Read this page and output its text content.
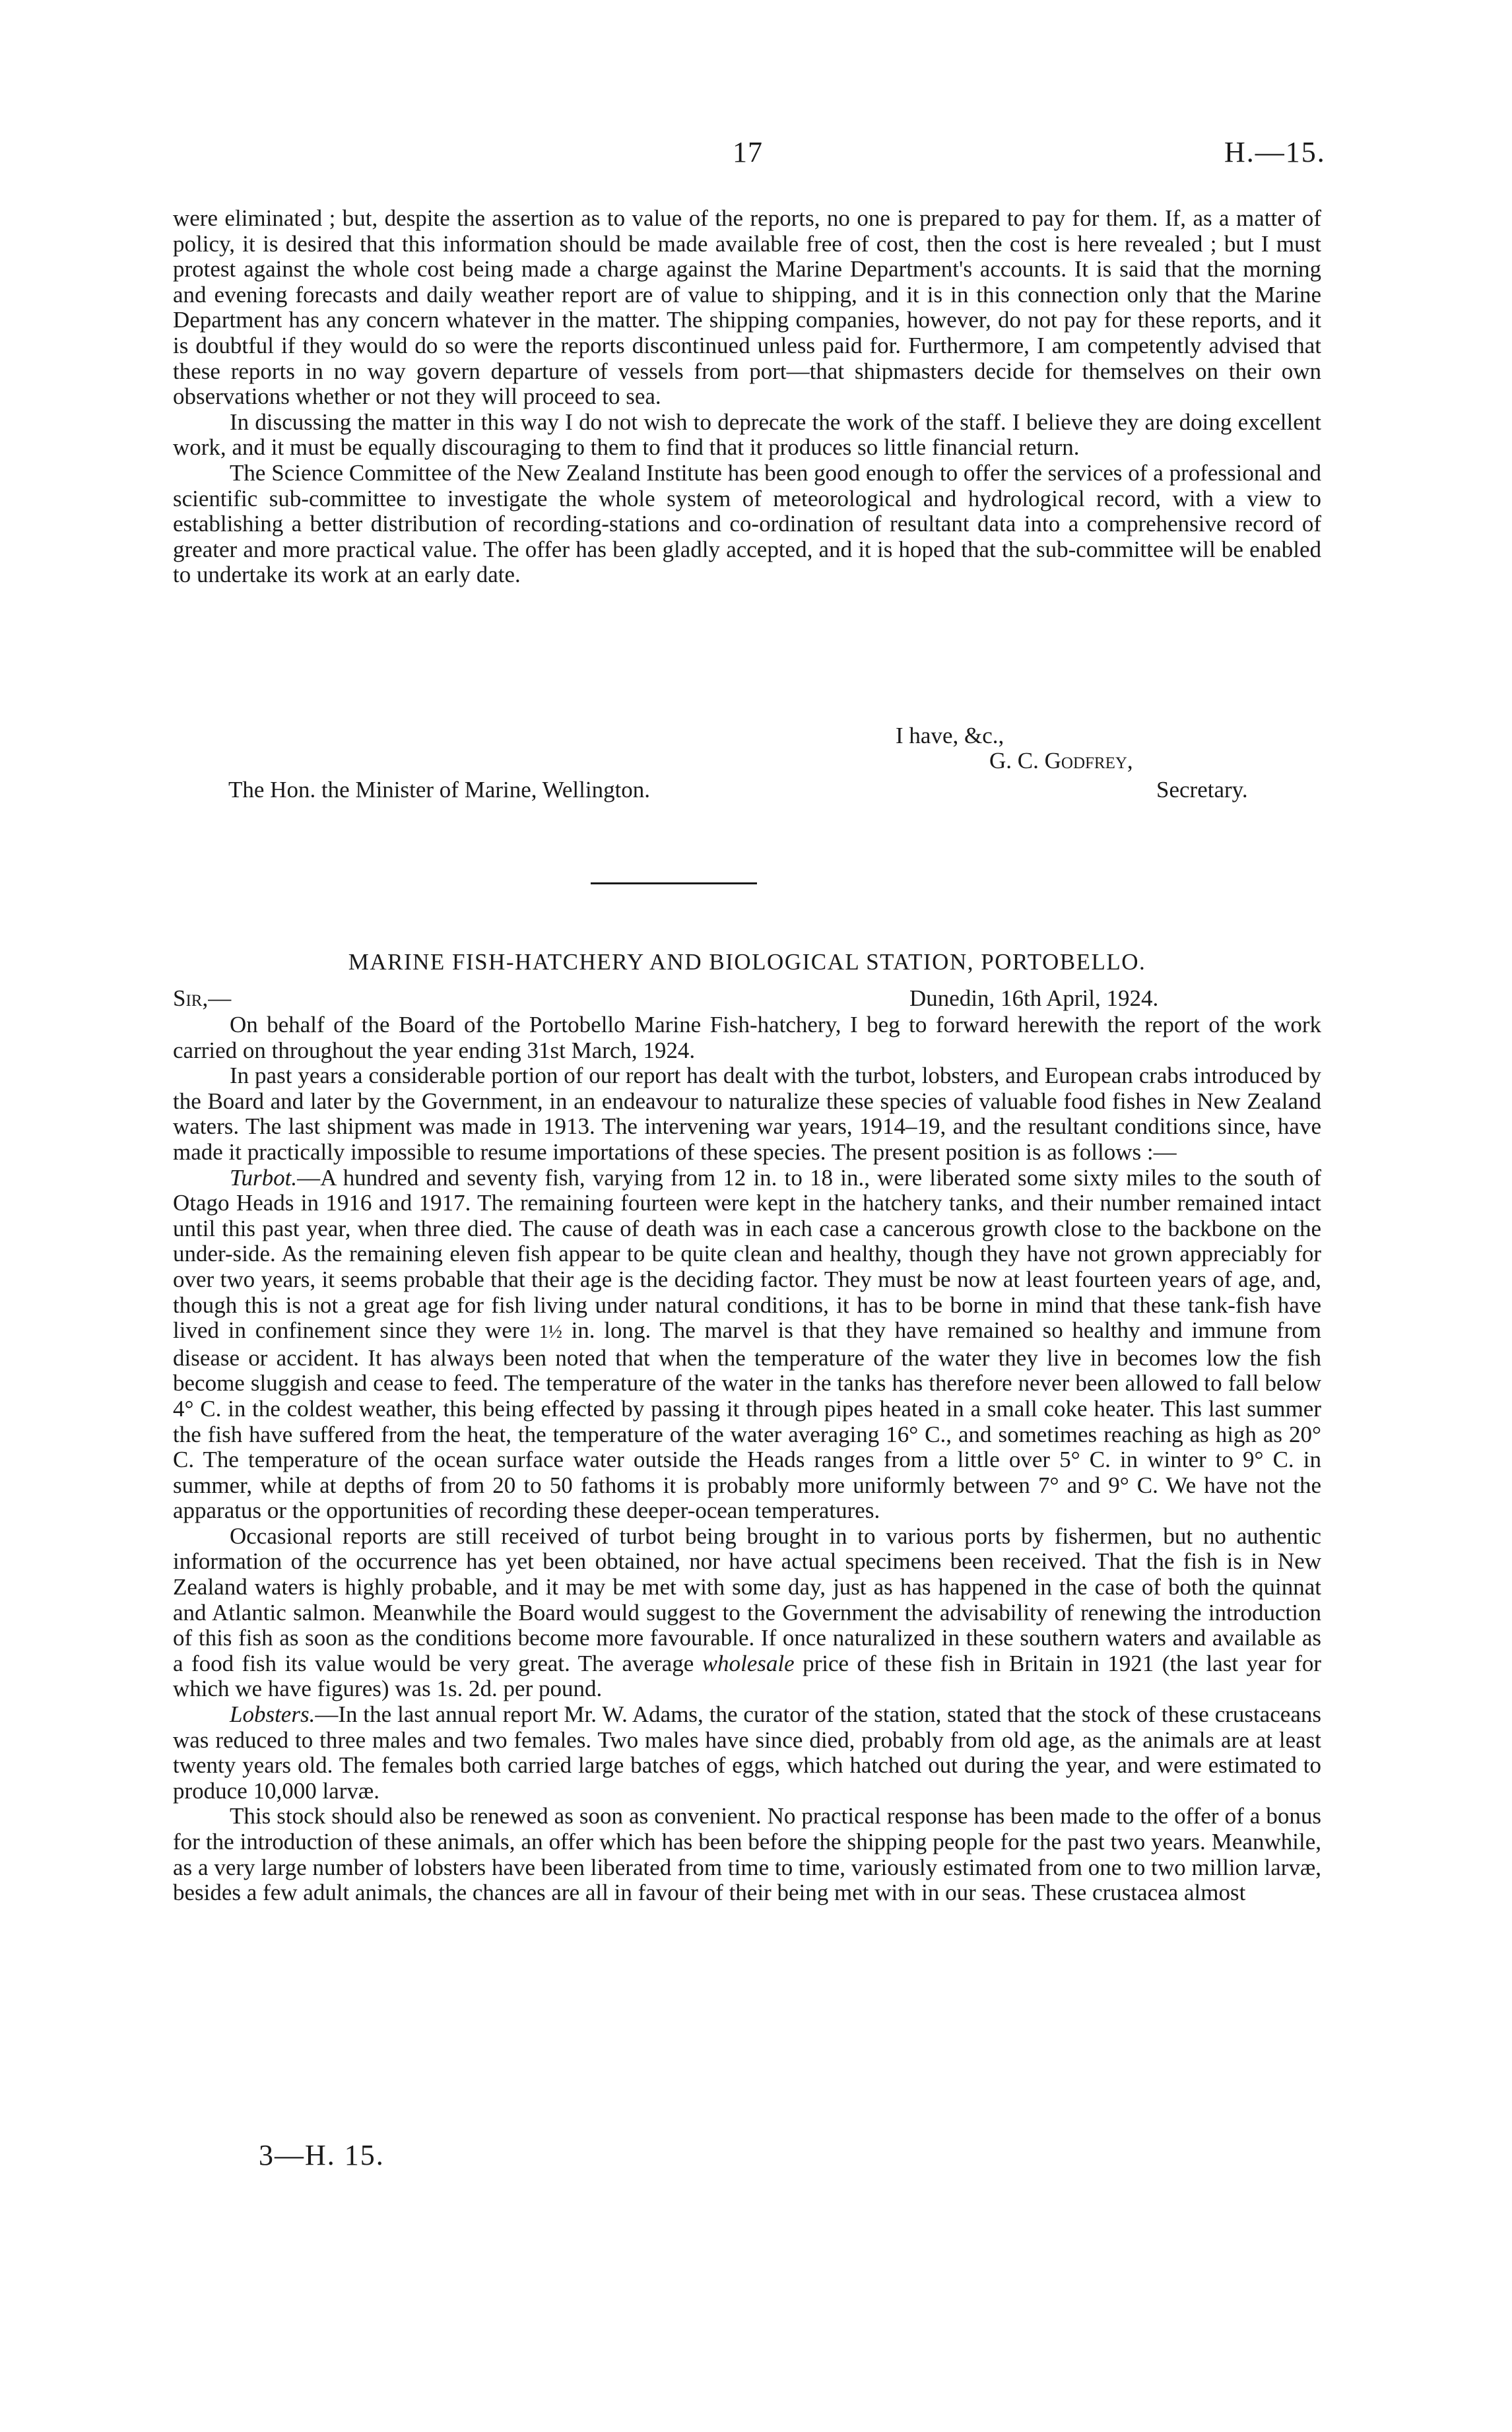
17	H.—15.

were eliminated ; but, despite the assertion as to value of the reports, no one is prepared to pay for them. If, as a matter of policy, it is desired that this information should be made available free of cost, then the cost is here revealed ; but I must protest against the whole cost being made a charge against the Marine Department's accounts. It is said that the morning and evening forecasts and daily weather report are of value to shipping, and it is in this connection only that the Marine Department has any concern whatever in the matter. The shipping companies, however, do not pay for these reports, and it is doubtful if they would do so were the reports discontinued unless paid for. Furthermore, I am competently advised that these reports in no way govern departure of vessels from port—that shipmasters decide for themselves on their own observations whether or not they will proceed to sea.

In discussing the matter in this way I do not wish to deprecate the work of the staff. I believe they are doing excellent work, and it must be equally discouraging to them to find that it produces so little financial return.

The Science Committee of the New Zealand Institute has been good enough to offer the services of a professional and scientific sub-committee to investigate the whole system of meteorological and hydrological record, with a view to establishing a better distribution of recording-stations and co-ordination of resultant data into a comprehensive record of greater and more practical value. The offer has been gladly accepted, and it is hoped that the sub-committee will be enabled to undertake its work at an early date.

I have, &c.,
G. C. Godfrey,
The Hon. the Minister of Marine, Wellington.	Secretary.
MARINE FISH-HATCHERY AND BIOLOGICAL STATION, PORTOBELLO.
Sir,—	Dunedin, 16th April, 1924.

On behalf of the Board of the Portobello Marine Fish-hatchery, I beg to forward herewith the report of the work carried on throughout the year ending 31st March, 1924.

In past years a considerable portion of our report has dealt with the turbot, lobsters, and European crabs introduced by the Board and later by the Government, in an endeavour to naturalize these species of valuable food fishes in New Zealand waters. The last shipment was made in 1913. The intervening war years, 1914–19, and the resultant conditions since, have made it practically impossible to resume importations of these species. The present position is as follows :—

Turbot.—A hundred and seventy fish, varying from 12 in. to 18 in., were liberated some sixty miles to the south of Otago Heads in 1916 and 1917. The remaining fourteen were kept in the hatchery tanks, and their number remained intact until this past year, when three died. The cause of death was in each case a cancerous growth close to the backbone on the under-side. As the remaining eleven fish appear to be quite clean and healthy, though they have not grown appreciably for over two years, it seems probable that their age is the deciding factor. They must be now at least fourteen years of age, and, though this is not a great age for fish living under natural conditions, it has to be borne in mind that these tank-fish have lived in confinement since they were 1½ in. long. The marvel is that they have remained so healthy and immune from disease or accident. It has always been noted that when the temperature of the water they live in becomes low the fish become sluggish and cease to feed. The temperature of the water in the tanks has therefore never been allowed to fall below 4° C. in the coldest weather, this being effected by passing it through pipes heated in a small coke heater. This last summer the fish have suffered from the heat, the temperature of the water averaging 16° C., and sometimes reaching as high as 20° C. The temperature of the ocean surface water outside the Heads ranges from a little over 5° C. in winter to 9° C. in summer, while at depths of from 20 to 50 fathoms it is probably more uniformly between 7° and 9° C. We have not the apparatus or the opportunities of recording these deeper-ocean temperatures.

Occasional reports are still received of turbot being brought in to various ports by fishermen, but no authentic information of the occurrence has yet been obtained, nor have actual specimens been received. That the fish is in New Zealand waters is highly probable, and it may be met with some day, just as has happened in the case of both the quinnat and Atlantic salmon. Meanwhile the Board would suggest to the Government the advisability of renewing the introduction of this fish as soon as the conditions become more favourable. If once naturalized in these southern waters and available as a food fish its value would be very great. The average wholesale price of these fish in Britain in 1921 (the last year for which we have figures) was 1s. 2d. per pound.

Lobsters.—In the last annual report Mr. W. Adams, the curator of the station, stated that the stock of these crustaceans was reduced to three males and two females. Two males have since died, probably from old age, as the animals are at least twenty years old. The females both carried large batches of eggs, which hatched out during the year, and were estimated to produce 10,000 larvæ.

This stock should also be renewed as soon as convenient. No practical response has been made to the offer of a bonus for the introduction of these animals, an offer which has been before the shipping people for the past two years. Meanwhile, as a very large number of lobsters have been liberated from time to time, variously estimated from one to two million larvæ, besides a few adult animals, the chances are all in favour of their being met with in our seas. These crustacea almost

3—H. 15.
